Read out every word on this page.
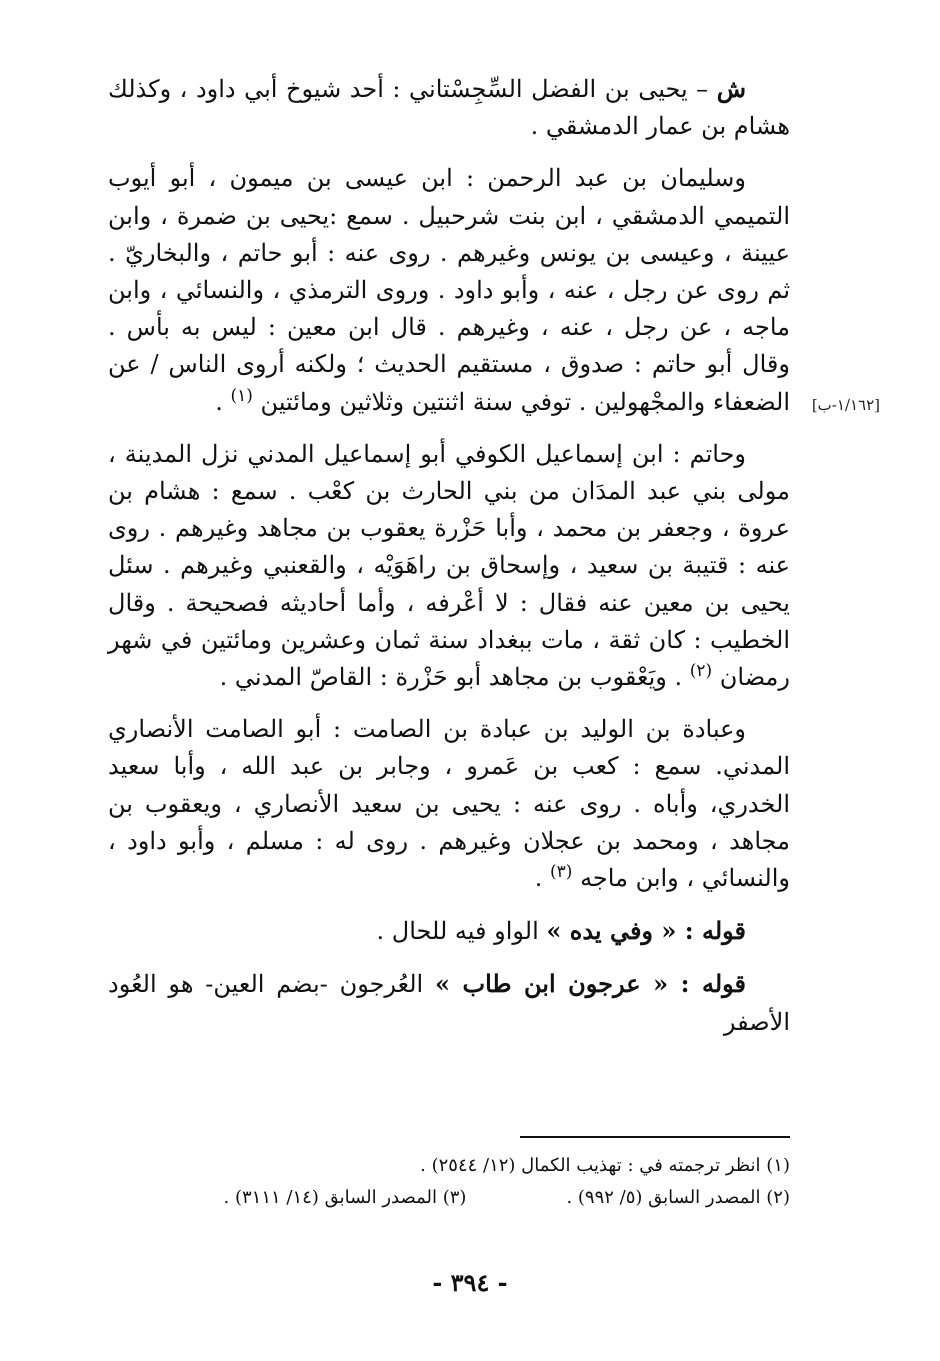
ش – يحيى بن الفضل السِّجِسْتاني : أحد شيوخ أبي داود ، وكذلك هشام بن عمار الدمشقي .

وسليمان بن عبد الرحمن : ابن عيسى بن ميمون ، أبو أيوب التميمي الدمشقي ، ابن بنت شرحبيل . سمع :يحيى بن ضمرة ، وابن عيينة ، وعيسى بن يونس وغيرهم . روى عنه : أبو حاتم ، والبخاريّ . ثم روى عن رجل ، عنه ، وأبو داود . وروى الترمذي ، والنسائي ، وابن ماجه ، عن رجل ، عنه ، وغيرهم . قال ابن معين : ليس به بأس . وقال أبو حاتم : صدوق ، مستقيم الحديث ؛ ولكنه أروى الناس / عن الضعفاء والمجْهولين . توفي سنة اثنتين وثلاثين ومائتين $^{(١)}$ .

وحاتم : ابن إسماعيل الكوفي أبو إسماعيل المدني نزل المدينة ، مولى بني عبد المدَان من بني الحارث بن كعْب . سمع : هشام بن عروة ، وجعفر بن محمد ، وأبا حَزْرة يعقوب بن مجاهد وغيرهم . روى عنه : قتيبة بن سعيد ، وإسحاق بن راهَوَيْه ، والقعنبي وغيرهم . سئل يحيى بن معين عنه فقال : لا أعْرفه ، وأما أحاديثه فصحيحة . وقال الخطيب : كان ثقة ، مات ببغداد سنة ثمان وعشرين ومائتين في شهر رمضان $^{(٢)}$ . ويَعْقوب بن مجاهد أبو حَزْرة : القاصّ المدني .

وعبادة بن الوليد بن عبادة بن الصامت : أبو الصامت الأنصاري المدني. سمع : كعب بن عَمرو ، وجابر بن عبد الله ، وأبا سعيد الخدري، وأباه . روى عنه : يحيى بن سعيد الأنصاري ، ويعقوب بن مجاهد ، ومحمد بن عجلان وغيرهم . روى له : مسلم ، وأبو داود ، والنسائي ، وابن ماجه $^{(٣)}$ .

قوله : « وفي يده » الواو فيه للحال .

قوله : « عرجون ابن طاب » العُرجون -بضم العين- هو العُود الأصفر

[١/١٦٢-ب]
(١) انظر ترجمته في : تهذيب الكمال (١٢/ ٢٥٤٤) .
(٢) المصدر السابق (٥/ ٩٩٢) .
(٣) المصدر السابق (١٤/ ٣١١١) .
- ٣٩٤ -
